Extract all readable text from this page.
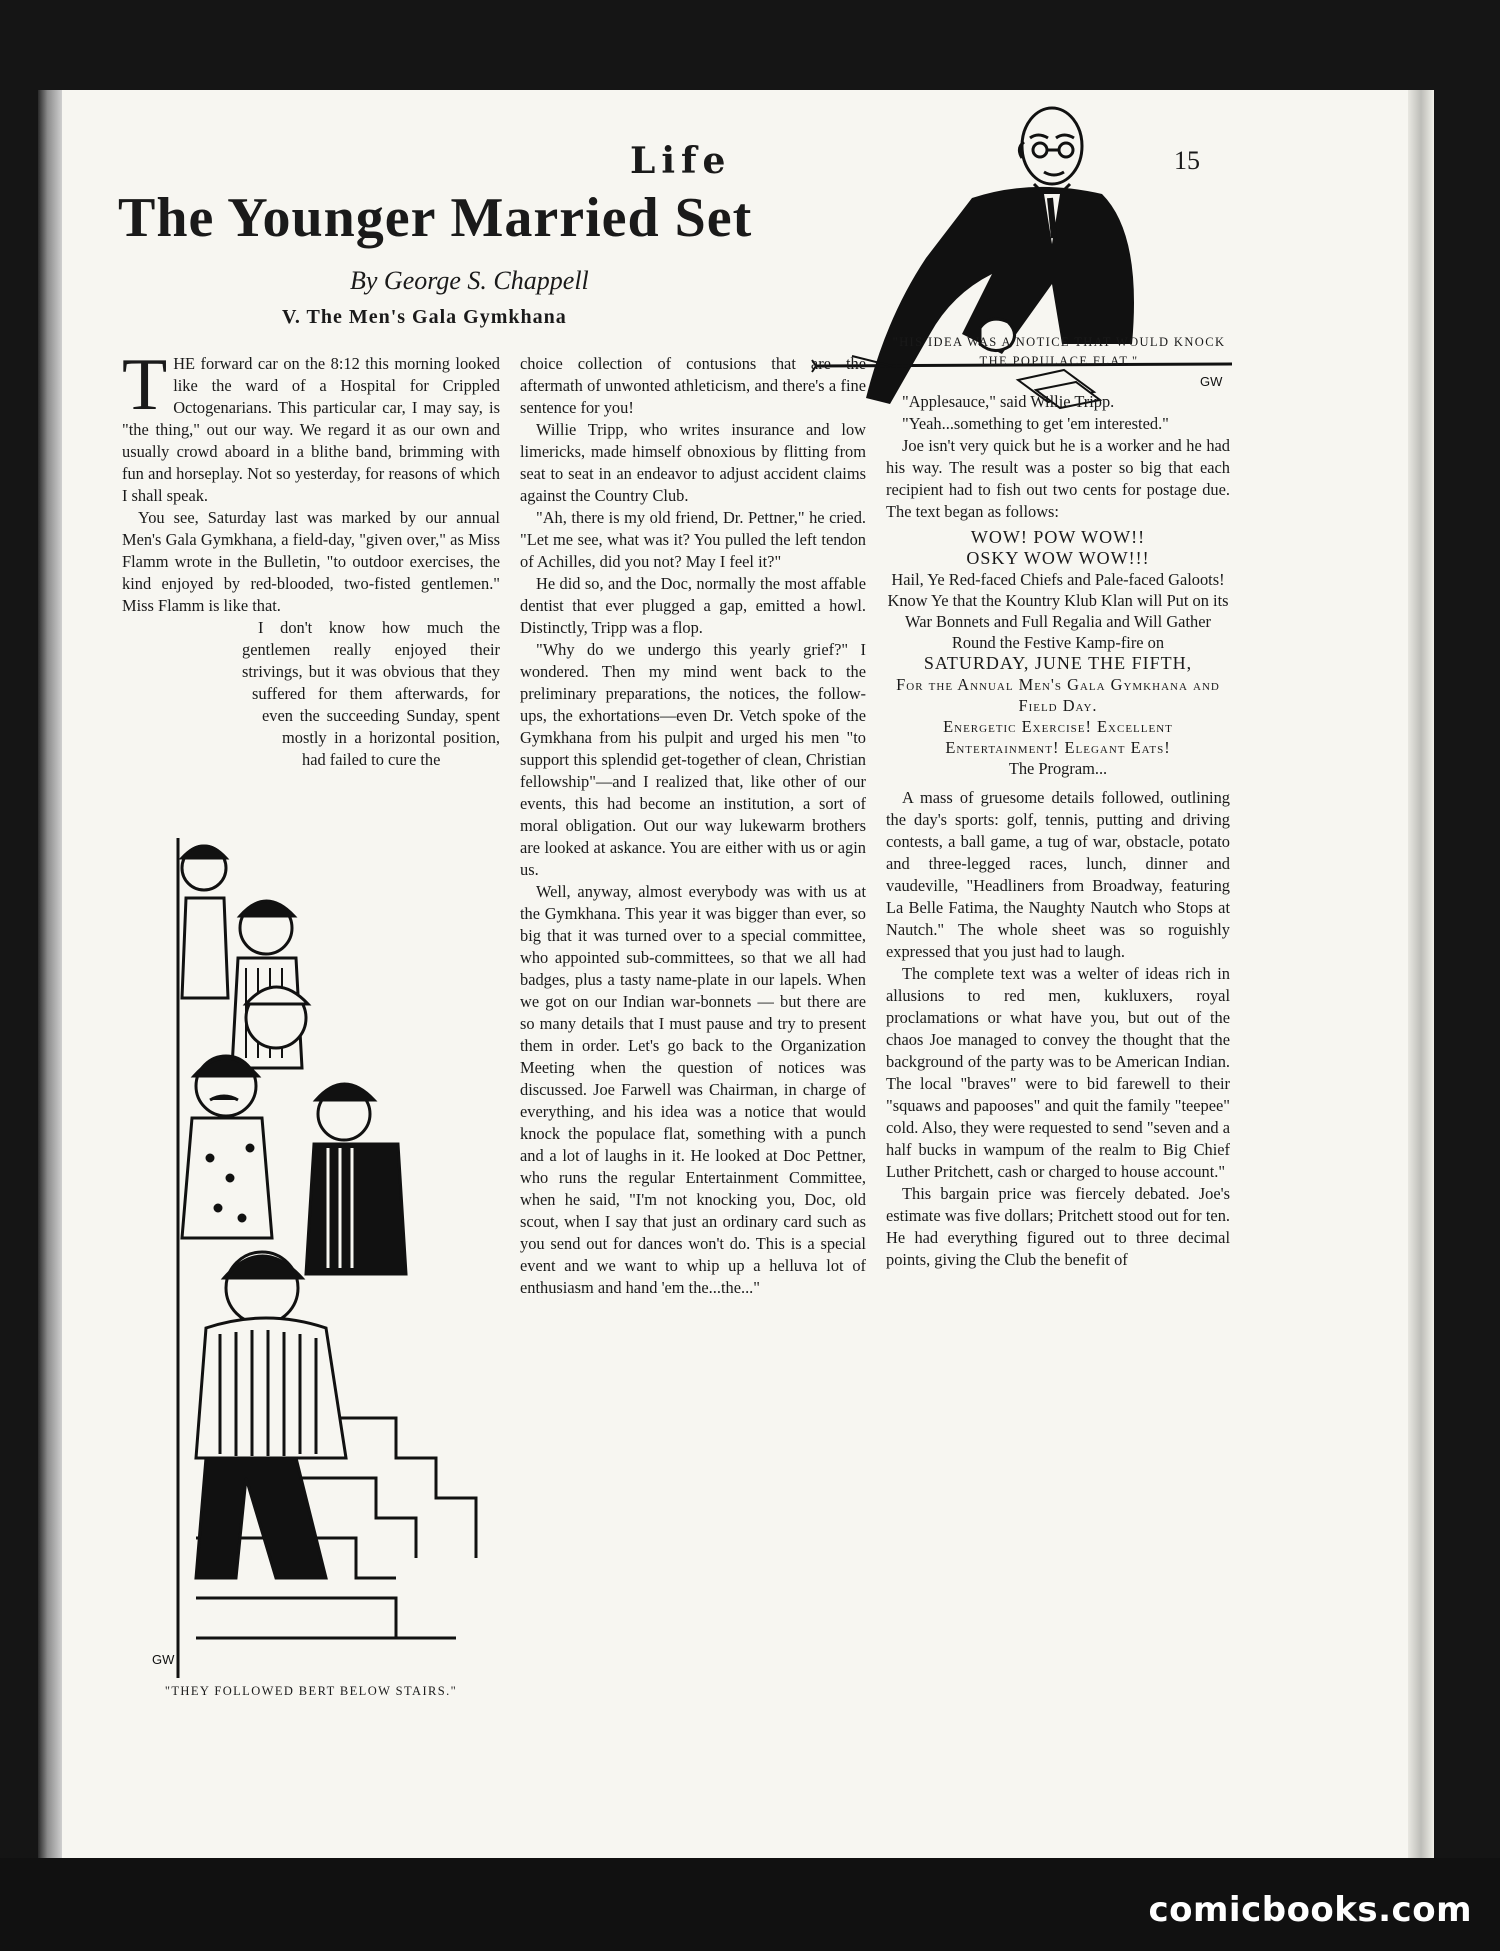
Life	15
The Younger Married Set
By George S. Chappell
V. The Men's Gala Gymkhana
GW

T HE forward car on the 8:12 this morning looked like the ward of a Hospital for Crippled Octogenarians. This particular car, I may say, is "the thing," out our way. We regard it as our own and usually crowd aboard in a blithe band, brimming with fun and horseplay. Not so yesterday, for reasons of which I shall speak.

You see, Saturday last was marked by our annual Men's Gala Gymkhana, a field-day, "given over," as Miss Flamm wrote in the Bulletin, "to outdoor exercises, the kind enjoyed by red-blooded, two-fisted gentlemen." Miss Flamm is like that.

I don't know how much the gentlemen really enjoyed their strivings, but it was obvious that they suffered for them afterwards, for even the succeeding Sunday, spent mostly in a horizontal position, had failed to cure the

GW
"THEY FOLLOWED BERT BELOW STAIRS."

choice collection of contusions that are the aftermath of unwonted athleticism, and there's a fine sentence for you!

Willie Tripp, who writes insurance and low limericks, made himself obnoxious by flitting from seat to seat in an endeavor to adjust accident claims against the Country Club.

"Ah, there is my old friend, Dr. Pettner," he cried. "Let me see, what was it? You pulled the left tendon of Achilles, did you not? May I feel it?"

He did so, and the Doc, normally the most affable dentist that ever plugged a gap, emitted a howl. Distinctly, Tripp was a flop.

"Why do we undergo this yearly grief?" I wondered. Then my mind went back to the preliminary preparations, the notices, the follow-ups, the exhortations—even Dr. Vetch spoke of the Gymkhana from his pulpit and urged his men "to support this splendid get-together of clean, Christian fellowship"—and I realized that, like other of our events, this had become an institution, a sort of moral obligation. Out our way lukewarm brothers are looked at askance. You are either with us or agin us.

Well, anyway, almost everybody was with us at the Gymkhana. This year it was bigger than ever, so big that it was turned over to a special committee, who appointed sub-committees, so that we all had badges, plus a tasty name-plate in our lapels. When we got on our Indian war-bonnets — but there are so many details that I must pause and try to present them in order. Let's go back to the Organization Meeting when the question of notices was discussed. Joe Farwell was Chairman, in charge of everything, and his idea was a notice that would knock the populace flat, something with a punch and a lot of laughs in it. He looked at Doc Pettner, who runs the regular Entertainment Committee, when he said, "I'm not knocking you, Doc, old scout, when I say that just an ordinary card such as you send out for dances won't do. This is a special event and we want to whip up a helluva lot of enthusiasm and hand 'em the...the..."

"HIS IDEA WAS A NOTICE THAT WOULD KNOCK THE POPULACE FLAT."

"Applesauce," said Willie Tripp.

"Yeah...something to get 'em interested."

Joe isn't very quick but he is a worker and he had his way. The result was a poster so big that each recipient had to fish out two cents for postage due. The text began as follows:

WOW! POW WOW!!
OSKY WOW WOW!!!
Hail, Ye Red-faced Chiefs and Pale-faced Galoots!
Know Ye that the Kountry Klub Klan will Put on its War Bonnets and Full Regalia and Will Gather Round the Festive Kamp-fire on
SATURDAY, JUNE THE FIFTH,
For the Annual Men's Gala Gymkhana and Field Day.
Energetic Exercise! Excellent Entertainment! Elegant Eats!
The Program...

A mass of gruesome details followed, outlining the day's sports: golf, tennis, putting and driving contests, a ball game, a tug of war, obstacle, potato and three-legged races, lunch, dinner and vaudeville, "Headliners from Broadway, featuring La Belle Fatima, the Naughty Nautch who Stops at Nautch." The whole sheet was so roguishly expressed that you just had to laugh.

The complete text was a welter of ideas rich in allusions to red men, kukluxers, royal proclamations or what have you, but out of the chaos Joe managed to convey the thought that the background of the party was to be American Indian. The local "braves" were to bid farewell to their "squaws and papooses" and quit the family "teepee" cold. Also, they were requested to send "seven and a half bucks in wampum of the realm to Big Chief Luther Pritchett, cash or charged to house account."

This bargain price was fiercely debated. Joe's estimate was five dollars; Pritchett stood out for ten. He had everything figured out to three decimal points, giving the Club the benefit of

comicbooks.com
